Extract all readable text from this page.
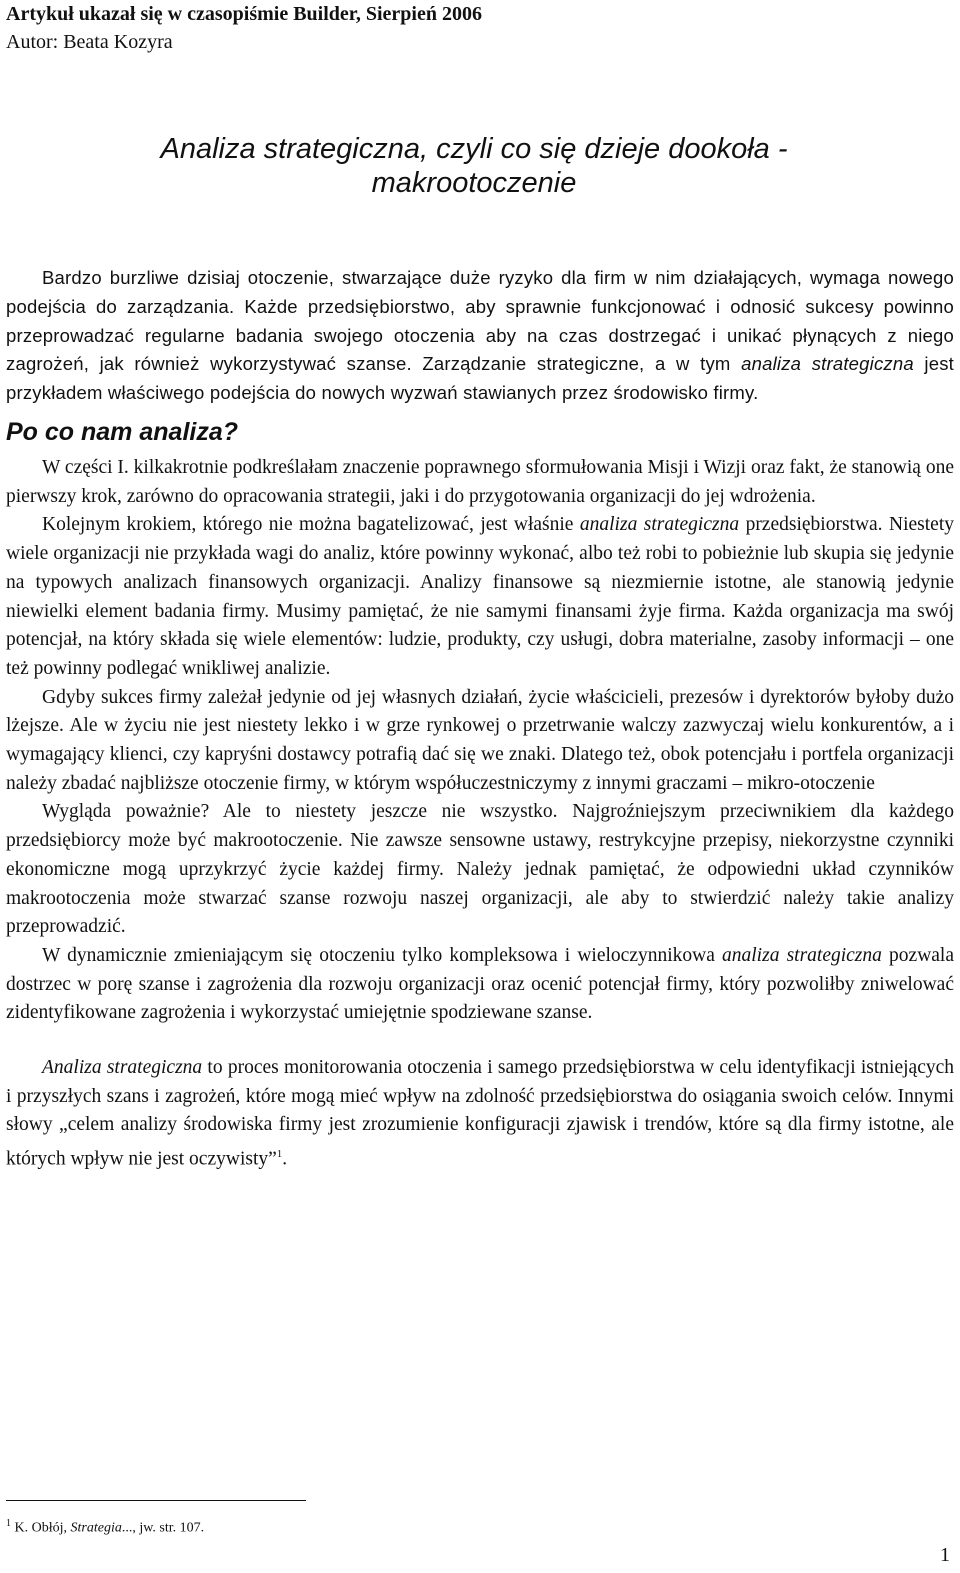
Artykuł ukazał się w czasopiśmie Builder, Sierpień 2006
Autor: Beata Kozyra
Analiza strategiczna, czyli co się dzieje dookoła -
makrootoczenie

Bardzo burzliwe dzisiaj otoczenie, stwarzające duże ryzyko dla firm w nim działających, wymaga nowego podejścia do zarządzania. Każde przedsiębiorstwo, aby sprawnie funkcjonować i odnosić sukcesy powinno przeprowadzać regularne badania swojego otoczenia aby na czas dostrzegać i unikać płynących z niego zagrożeń, jak również wykorzystywać szanse. Zarządzanie strategiczne, a w tym analiza strategiczna jest przykładem właściwego podejścia do nowych wyzwań stawianych przez środowisko firmy.

Po co nam analiza?

W części I. kilkakrotnie podkreślałam znaczenie poprawnego sformułowania Misji i Wizji oraz fakt, że stanowią one pierwszy krok, zarówno do opracowania strategii, jaki i do przygotowania organizacji do jej wdrożenia.

Kolejnym krokiem, którego nie można bagatelizować, jest właśnie analiza strategiczna przedsiębiorstwa. Niestety wiele organizacji nie przykłada wagi do analiz, które powinny wykonać, albo też robi to pobieżnie lub skupia się jedynie na typowych analizach finansowych organizacji. Analizy finansowe są niezmiernie istotne, ale stanowią jedynie niewielki element badania firmy. Musimy pamiętać, że nie samymi finansami żyje firma. Każda organizacja ma swój potencjał, na który składa się wiele elementów: ludzie, produkty, czy usługi, dobra materialne, zasoby informacji – one też powinny podlegać wnikliwej analizie.

Gdyby sukces firmy zależał jedynie od jej własnych działań, życie właścicieli, prezesów i dyrektorów byłoby dużo lżejsze. Ale w życiu nie jest niestety lekko i w grze rynkowej o przetrwanie walczy zazwyczaj wielu konkurentów, a i wymagający klienci, czy kapryśni dostawcy potrafią dać się we znaki. Dlatego też, obok potencjału i portfela organizacji należy zbadać najbliższe otoczenie firmy, w którym współuczestniczymy z innymi graczami – mikro-otoczenie

Wygląda poważnie? Ale to niestety jeszcze nie wszystko. Najgroźniejszym przeciwnikiem dla każdego przedsiębiorcy może być makrootoczenie. Nie zawsze sensowne ustawy, restrykcyjne przepisy, niekorzystne czynniki ekonomiczne mogą uprzykrzyć życie każdej firmy. Należy jednak pamiętać, że odpowiedni układ czynników makrootoczenia może stwarzać szanse rozwoju naszej organizacji, ale aby to stwierdzić należy takie analizy przeprowadzić.

W dynamicznie zmieniającym się otoczeniu tylko kompleksowa i wieloczynnikowa analiza strategiczna pozwala dostrzec w porę szanse i zagrożenia dla rozwoju organizacji oraz ocenić potencjał firmy, który pozwoliłby zniwelować zidentyfikowane zagrożenia i wykorzystać umiejętnie spodziewane szanse.

Analiza strategiczna to proces monitorowania otoczenia i samego przedsiębiorstwa w celu identyfikacji istniejących i przyszłych szans i zagrożeń, które mogą mieć wpływ na zdolność przedsiębiorstwa do osiągania swoich celów. Innymi słowy „celem analizy środowiska firmy jest zrozumienie konfiguracji zjawisk i trendów, które są dla firmy istotne, ale których wpływ nie jest oczywisty”$^1$.

$^1$ K. Obłój, Strategia..., jw. str. 107.
1
